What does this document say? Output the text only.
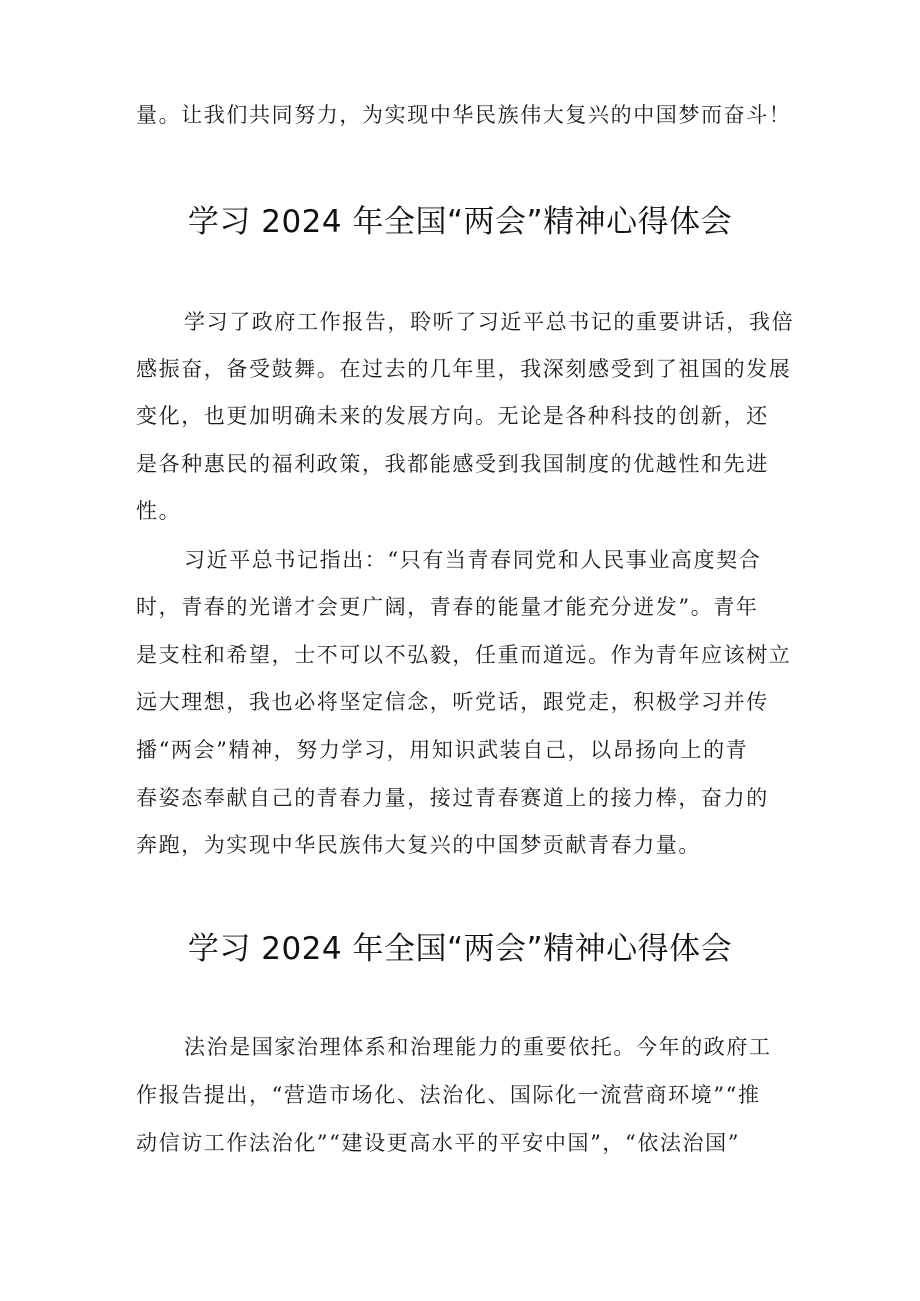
量。让我们共同努力，为实现中华民族伟大复兴的中国梦而奋斗！
学习 2024 年全国“两会”精神心得体会
学习了政府工作报告，聆听了习近平总书记的重要讲话，我倍
感振奋，备受鼓舞。在过去的几年里，我深刻感受到了祖国的发展
变化，也更加明确未来的发展方向。无论是各种科技的创新，还
是各种惠民的福利政策，我都能感受到我国制度的优越性和先进
性。
习近平总书记指出：“只有当青春同党和人民事业高度契合
时，青春的光谱才会更广阔，青春的能量才能充分迸发”。青年
是支柱和希望，士不可以不弘毅，任重而道远。作为青年应该树立
远大理想，我也必将坚定信念，听党话，跟党走，积极学习并传
播“两会”精神，努力学习，用知识武装自己，以昂扬向上的青
春姿态奉献自己的青春力量，接过青春赛道上的接力棒，奋力的
奔跑，为实现中华民族伟大复兴的中国梦贡献青春力量。
学习 2024 年全国“两会”精神心得体会
法治是国家治理体系和治理能力的重要依托。今年的政府工
作报告提出，“营造市场化、法治化、国际化一流营商环境”“推
动信访工作法治化”“建设更高水平的平安中国”，“依法治国”
